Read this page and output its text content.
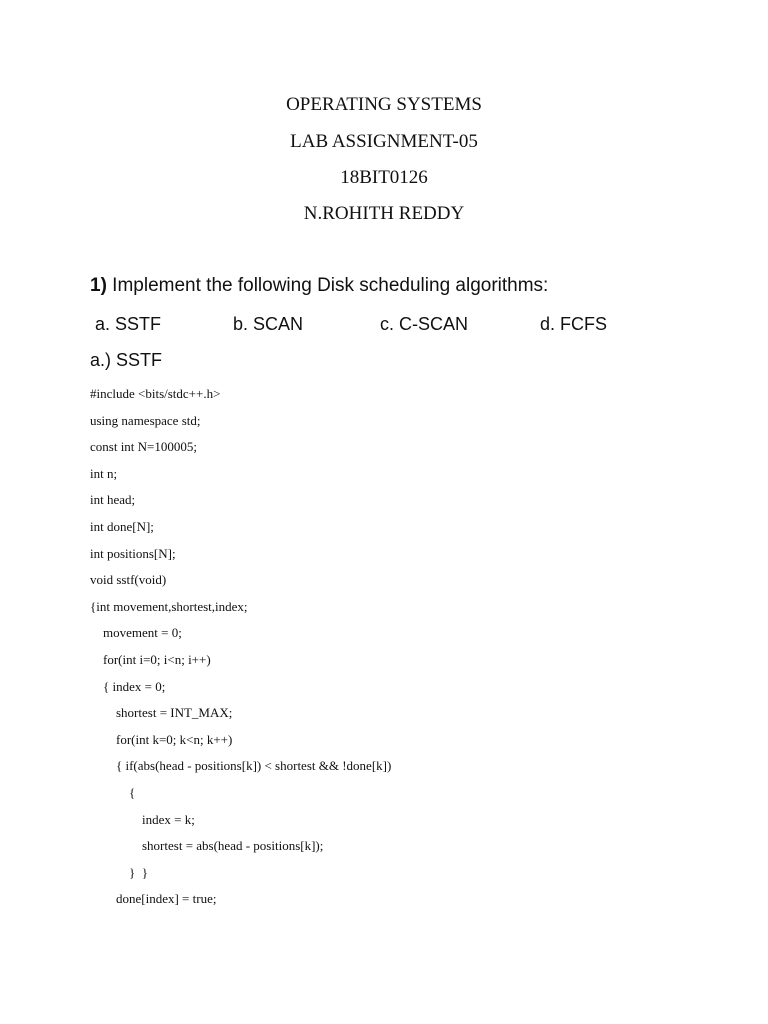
OPERATING SYSTEMS
LAB ASSIGNMENT-05
18BIT0126
N.ROHITH REDDY
1) Implement the following Disk scheduling algorithms:
a. SSTF	b. SCAN	c. C-SCAN	d. FCFS
a.) SSTF
#include <bits/stdc++.h>
using namespace std;
const int N=100005;
int n;
int head;
int done[N];
int positions[N];
void sstf(void)
{int movement,shortest,index;
movement = 0;
for(int i=0; i<n; i++)
{ index = 0;
shortest = INT_MAX;
for(int k=0; k<n; k++)
{ if(abs(head - positions[k]) < shortest && !done[k])
{
index = k;
shortest = abs(head - positions[k]);
}  }
done[index] = true;
